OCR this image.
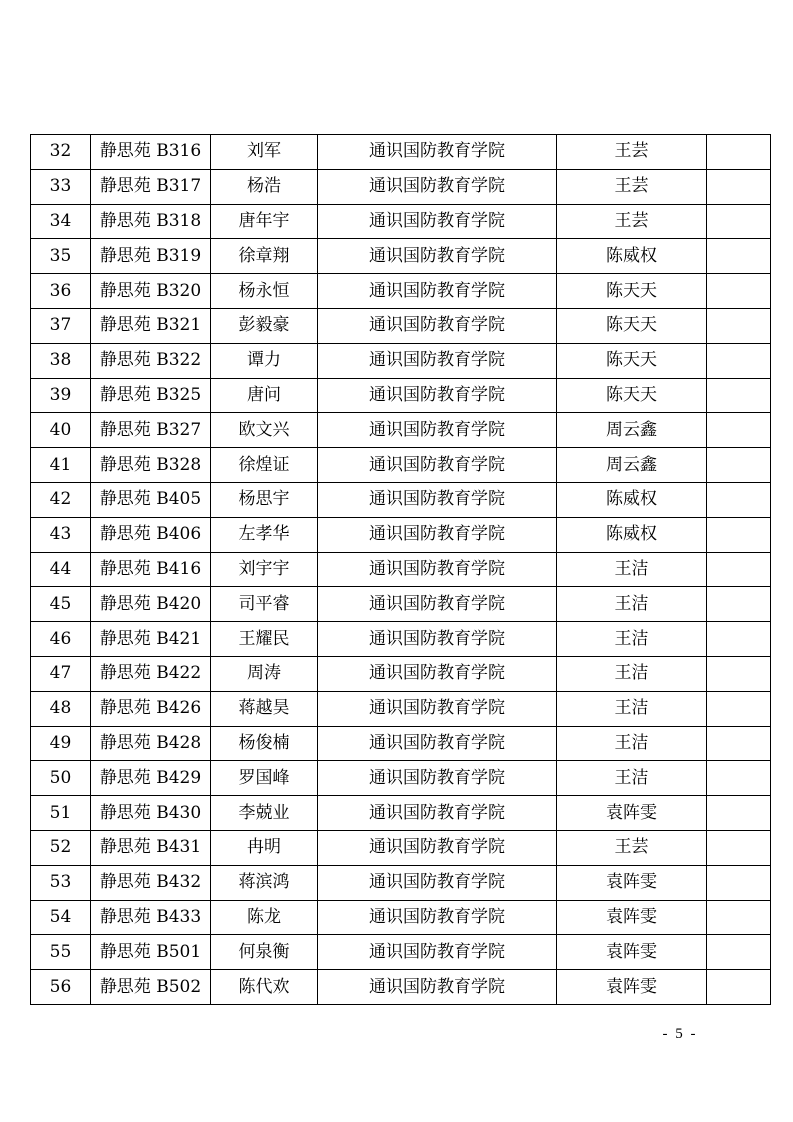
32	静思苑 B316	刘军	通识国防教育学院	王芸	
33	静思苑 B317	杨浩	通识国防教育学院	王芸	
34	静思苑 B318	唐年宇	通识国防教育学院	王芸	
35	静思苑 B319	徐章翔	通识国防教育学院	陈威权	
36	静思苑 B320	杨永恒	通识国防教育学院	陈天天	
37	静思苑 B321	彭毅豪	通识国防教育学院	陈天天	
38	静思苑 B322	谭力	通识国防教育学院	陈天天	
39	静思苑 B325	唐问	通识国防教育学院	陈天天	
40	静思苑 B327	欧文兴	通识国防教育学院	周云鑫	
41	静思苑 B328	徐煌证	通识国防教育学院	周云鑫	
42	静思苑 B405	杨思宇	通识国防教育学院	陈威权	
43	静思苑 B406	左孝华	通识国防教育学院	陈威权	
44	静思苑 B416	刘宇宇	通识国防教育学院	王洁	
45	静思苑 B420	司平睿	通识国防教育学院	王洁	
46	静思苑 B421	王耀民	通识国防教育学院	王洁	
47	静思苑 B422	周涛	通识国防教育学院	王洁	
48	静思苑 B426	蒋越昊	通识国防教育学院	王洁	
49	静思苑 B428	杨俊楠	通识国防教育学院	王洁	
50	静思苑 B429	罗国峰	通识国防教育学院	王洁	
51	静思苑 B430	李兢业	通识国防教育学院	袁阵雯	
52	静思苑 B431	冉明	通识国防教育学院	王芸	
53	静思苑 B432	蒋滨鸿	通识国防教育学院	袁阵雯	
54	静思苑 B433	陈龙	通识国防教育学院	袁阵雯	
55	静思苑 B501	何泉衡	通识国防教育学院	袁阵雯	
56	静思苑 B502	陈代欢	通识国防教育学院	袁阵雯	
- 5 -
